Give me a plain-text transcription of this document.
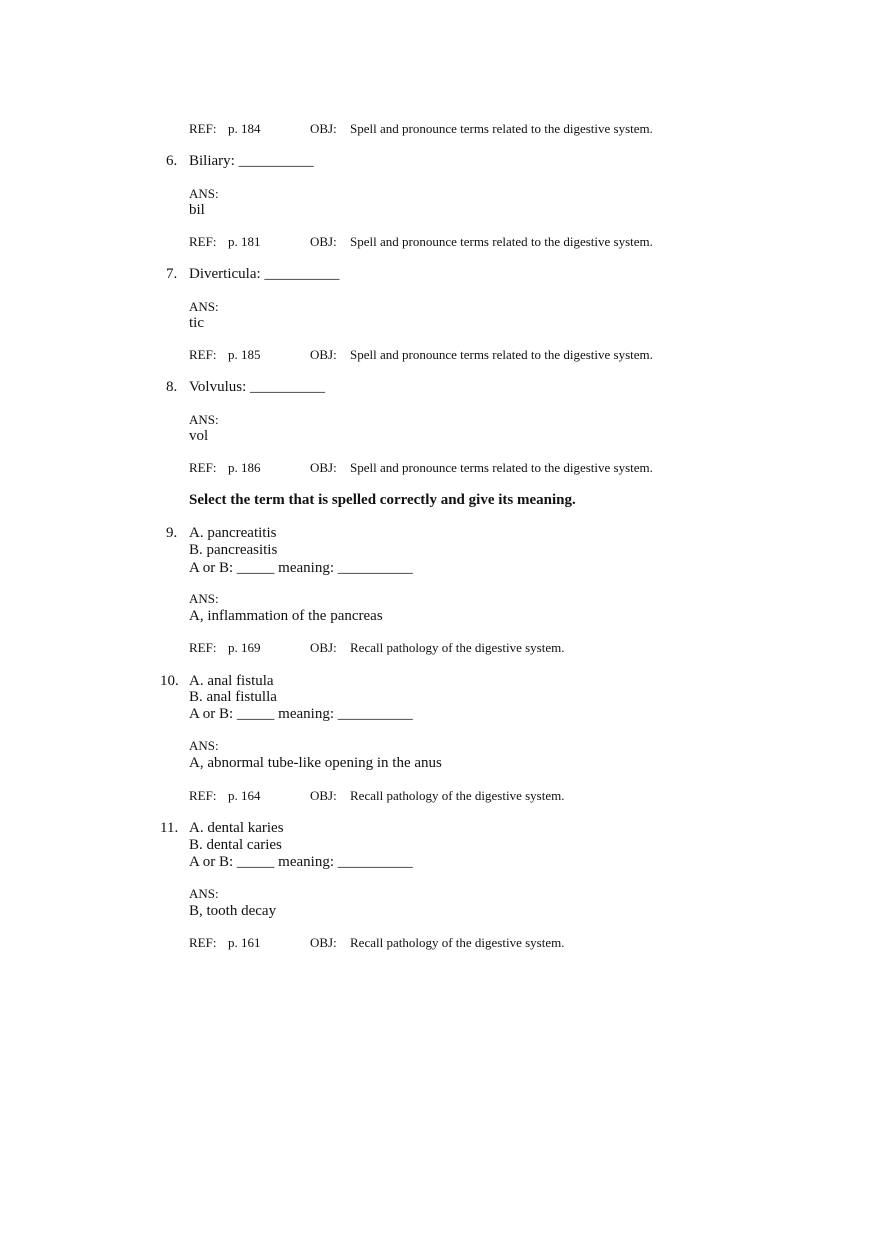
REF: p. 184	OBJ: Spell and pronounce terms related to the digestive system.
6. Biliary: __________
ANS:
bil
REF: p. 181	OBJ: Spell and pronounce terms related to the digestive system.
7. Diverticula: __________
ANS:
tic
REF: p. 185	OBJ: Spell and pronounce terms related to the digestive system.
8. Volvulus: __________
ANS:
vol
REF: p. 186	OBJ: Spell and pronounce terms related to the digestive system.
Select the term that is spelled correctly and give its meaning.
9. A. pancreatitis
B. pancreasitis
A or B: _____ meaning: __________
ANS:
A, inflammation of the pancreas
REF: p. 169	OBJ: Recall pathology of the digestive system.
10. A. anal fistula
B. anal fistulla
A or B: _____ meaning: __________
ANS:
A, abnormal tube-like opening in the anus
REF: p. 164	OBJ: Recall pathology of the digestive system.
11. A. dental karies
B. dental caries
A or B: _____ meaning: __________
ANS:
B, tooth decay
REF: p. 161	OBJ: Recall pathology of the digestive system.
